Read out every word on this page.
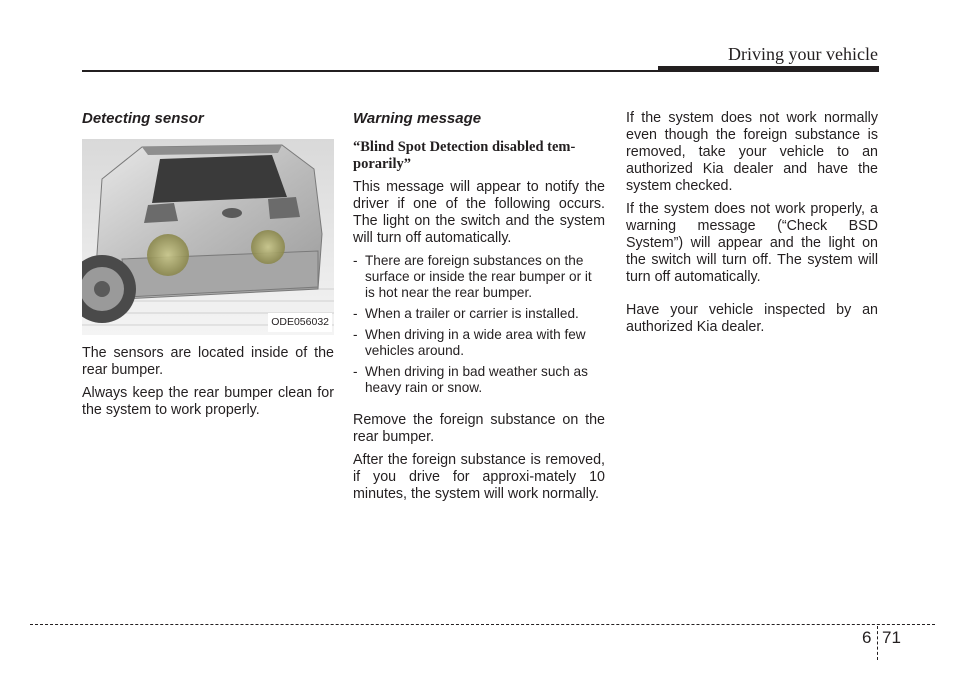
Driving your vehicle
Detecting sensor
ODE056032

The sensors are located inside of the rear bumper.

Always keep the rear bumper clean for the system to work properly.

Warning message
“Blind Spot Detection disabled tem-porarily”

This message will appear to notify the driver if one of the following occurs. The light on the switch and the system will turn off automatically.

- There are foreign substances on the surface or inside the rear bumper or it is hot near the rear bumper.
- When a trailer or carrier is installed.
- When driving in a wide area with few vehicles around.
- When driving in bad weather such as heavy rain or snow.

Remove the foreign substance on the rear bumper.

After the foreign substance is removed, if you drive for approxi-mately 10 minutes, the system will work normally.

If the system does not work normally even though the foreign substance is removed, take your vehicle to an authorized Kia dealer and have the system checked.

If the system does not work properly, a warning message (“Check BSD System”) will appear and the light on the switch will turn off. The system will turn off automatically.

Have your vehicle inspected by an authorized Kia dealer.

6 71
